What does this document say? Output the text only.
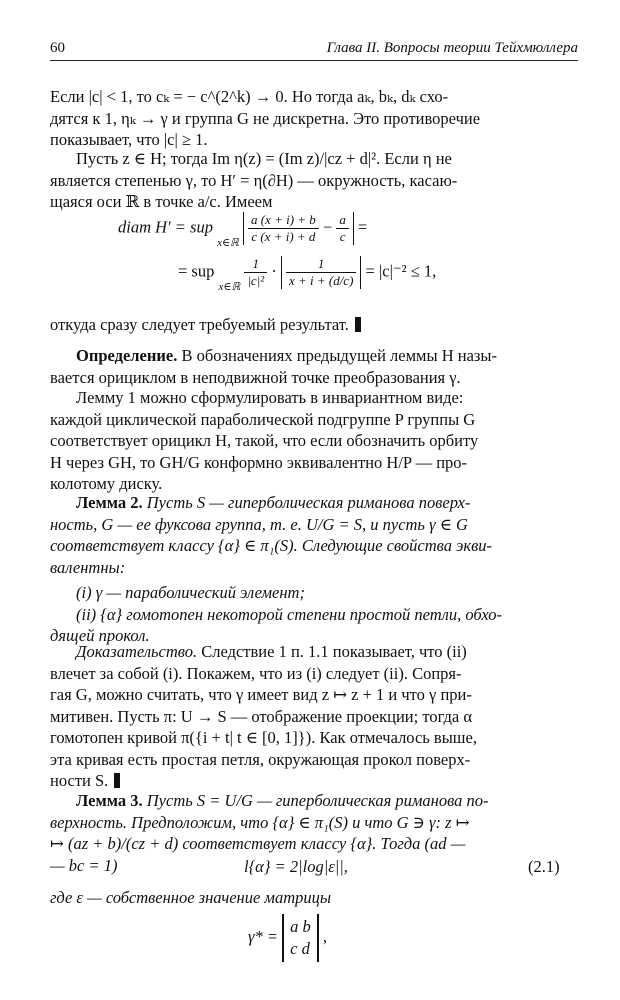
60	Глава II. Вопросы теории Тейхмюллера
Если |c| < 1, то cₖ = − c^(2^k) → 0. Но тогда aₖ, bₖ, dₖ схо-
дятся к 1, ηₖ → γ и группа G не дискретна. Это противоречие
показывает, что |c| ≥ 1.
Пусть z ∈ H; тогда Im η(z) = (Im z)/|cz + d|². Если η не
является степенью γ, то H′ = η(∂H) — окружность, касаю-
щаяся оси ℝ в точке a/c. Имеем
diam H′ = sup
x∈ℝ
$\frac{a (x + i) + b}{c (x + i) + d} - \frac{a}{c}$ =
= sup
x∈ℝ
$\frac{1}{\text{|c|²}} \cdot \frac{1}{x + i + (d/c)} = |c|^{-2} \le 1$,
откуда сразу следует требуемый результат.
Определение. В обозначениях предыдущей леммы H назы-
вается орициклом в неподвижной точке преобразования γ.
Лемму 1 можно сформулировать в инвариантном виде:
каждой циклической параболической подгруппе P группы G
соответствует орицикл H, такой, что если обозначить орбиту
H через GH, то GH/G конформно эквивалентно H/P — про-
колотому диску.
Лемма 2. Пусть S — гиперболическая риманова поверх-
ность, G — ее фуксова группа, т. е. U/G = S, и пусть γ ∈ G
соответствует классу {α} ∈ π₁(S). Следующие свойства экви-
валентны:
(i) γ — параболический элемент;
(ii) {α} гомотопен некоторой степени простой петли, обхо-
дящей прокол.
Доказательство. Следствие 1 п. 1.1 показывает, что (ii)
влечет за собой (i). Покажем, что из (i) следует (ii). Сопря-
гая G, можно считать, что γ имеет вид z ↦ z + 1 и что γ при-
митивен. Пусть π: U → S — отображение проекции; тогда α
гомотопен кривой π({i + t| t ∈ [0, 1]}). Как отмечалось выше,
эта кривая есть простая петля, окружающая прокол поверх-
ности S.
Лемма 3. Пусть S = U/G — гиперболическая риманова по-
верхность. Предположим, что {α} ∈ π₁(S) и что G ∋ γ: z ↦
↦ (az + b)/(cz + d) соответствует классу {α}. Тогда (ad —
— bc = 1)	l{α} = 2|log|ε||,	(2.1)
где ε — собственное значение матрицы
γ* =
a b
c d
,
